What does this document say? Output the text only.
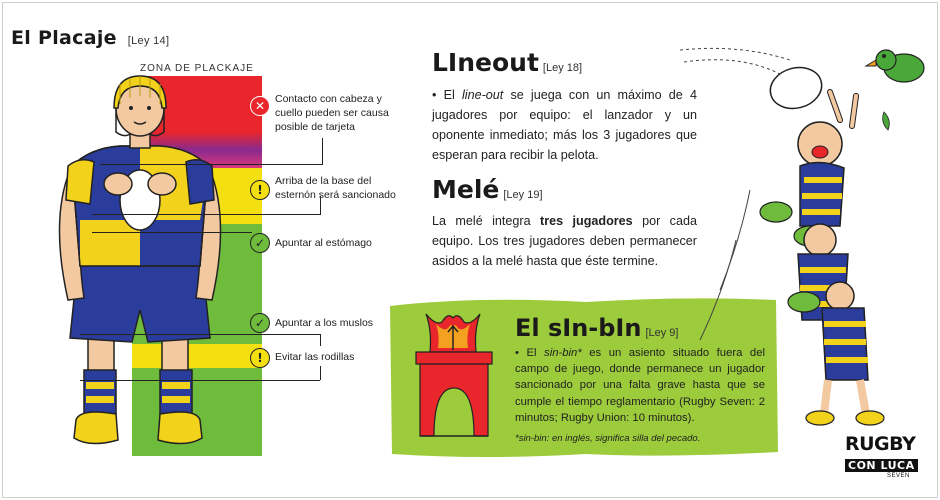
El Placaje [Ley 14]
ZONA DE PLACKAJE
✕ Contacto con cabeza y cuello pueden ser causa posible de tarjeta
!
Arriba de la base del esternón será sancionado
✓ Apuntar al estómago
✓ Apuntar a los muslos
!	Evitar las rodillas
LIneout [Ley 18]
• El line-out se juega con un máximo de 4 jugadores por equipo: el lanzador y un oponente inmediato; más los 3 jugadores que esperan para recibir la pelota.
Melé [Ley 19]
La melé integra tres jugadores por cada equipo. Los tres jugadores deben permanecer asidos a la melé hasta que éste termine.
El sIn-bIn [Ley 9]
• El sin-bin* es un asiento situado fuera del campo de juego, donde permanece un jugador sancionado por una falta grave hasta que se cumple el tiempo reglamentario (Rugby Seven: 2 minutos; Rugby Union: 10 minutos).
*sin-bin: en inglés, significa silla del pecado.	RUGBY
CON LUCA
SEVEN
